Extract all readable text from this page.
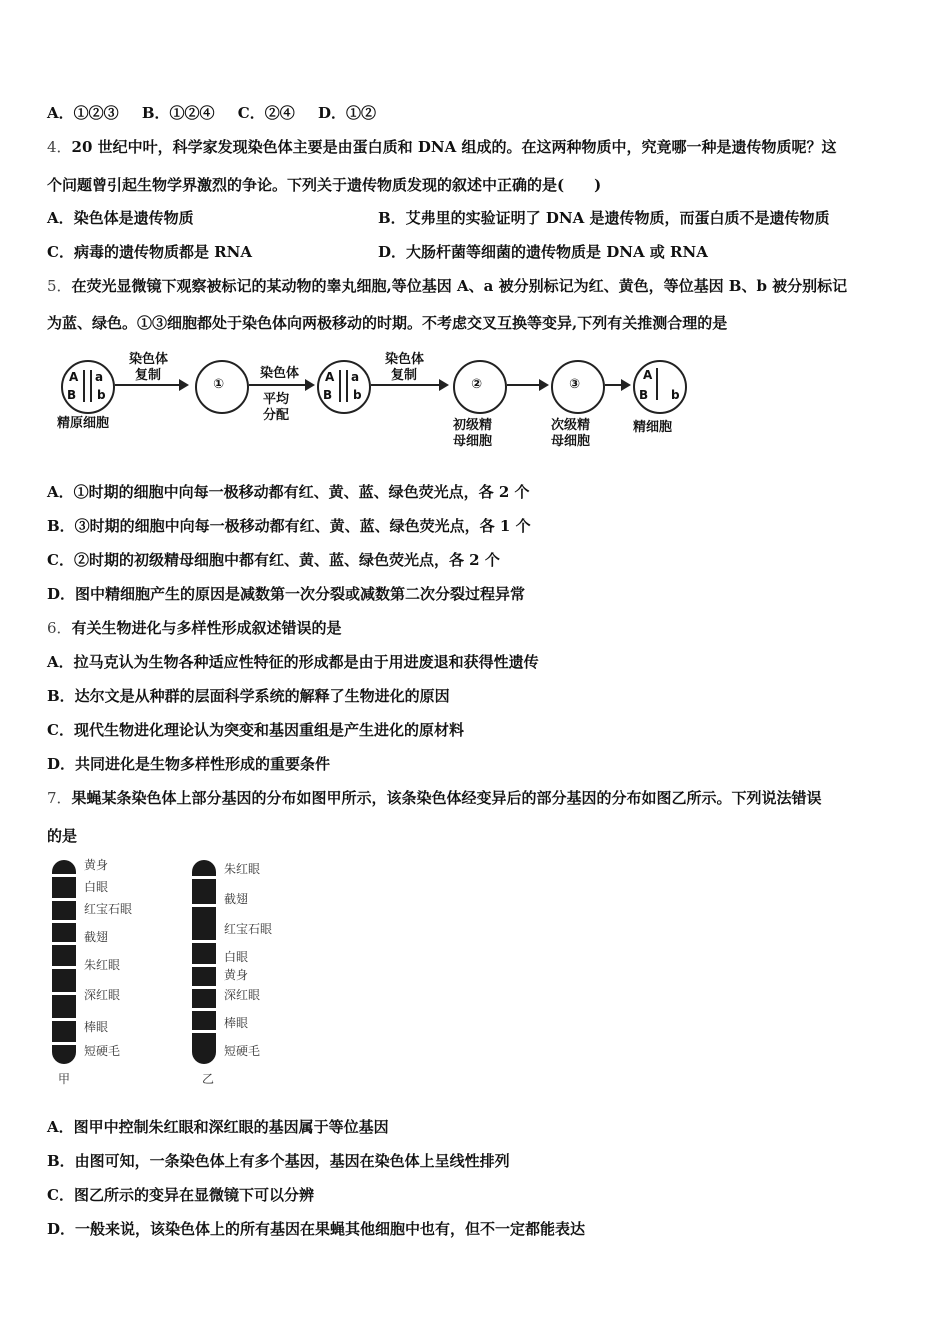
A．①②③ B．①②④ C．②④ D．①②
4．20 世纪中叶，科学家发现染色体主要是由蛋白质和 DNA 组成的。在这两种物质中，究竟哪一种是遗传物质呢？这
个问题曾引起生物学界激烈的争论。下列关于遗传物质发现的叙述中正确的是(　　)
A．染色体是遗传物质	B．艾弗里的实验证明了 DNA 是遗传物质，而蛋白质不是遗传物质
C．病毒的遗传物质都是 RNA	D．大肠杆菌等细菌的遗传物质是 DNA 或 RNA
5．在荧光显微镜下观察被标记的某动物的睾丸细胞,等位基因 A、a 被分别标记为红、黄色，等位基因 B、b 被分别标记
为蓝、绿色。①③细胞都处于染色体向两极移动的时期。不考虑交叉互换等变异,下列有关推测合理的是
A a
B b
精原细胞
染色体
复制
①
染色体
平均
分配
A a
B b
染色体
复制
②
初级精
母细胞
③
次级精
母细胞
A
B b
精细胞
A．①时期的细胞中向每一极移动都有红、黄、蓝、绿色荧光点，各 2 个
B．③时期的细胞中向每一极移动都有红、黄、蓝、绿色荧光点，各 1 个
C．②时期的初级精母细胞中都有红、黄、蓝、绿色荧光点，各 2 个
D．图中精细胞产生的原因是减数第一次分裂或减数第二次分裂过程异常
6．有关生物进化与多样性形成叙述错误的是
A．拉马克认为生物各种适应性特征的形成都是由于用进废退和获得性遗传
B．达尔文是从种群的层面科学系统的解释了生物进化的原因
C．现代生物进化理论认为突变和基因重组是产生进化的原材料
D．共同进化是生物多样性形成的重要条件
7．果蝇某条染色体上部分基因的分布如图甲所示，该条染色体经变异后的部分基因的分布如图乙所示。下列说法错误
的是
黄身
白眼
红宝石眼
截翅
朱红眼
深红眼
棒眼
短硬毛
甲
朱红眼
截翅
红宝石眼
白眼
黄身
深红眼
棒眼
短硬毛
乙
A．图甲中控制朱红眼和深红眼的基因属于等位基因
B．由图可知，一条染色体上有多个基因，基因在染色体上呈线性排列
C．图乙所示的变异在显微镜下可以分辨
D．一般来说，该染色体上的所有基因在果蝇其他细胞中也有，但不一定都能表达
